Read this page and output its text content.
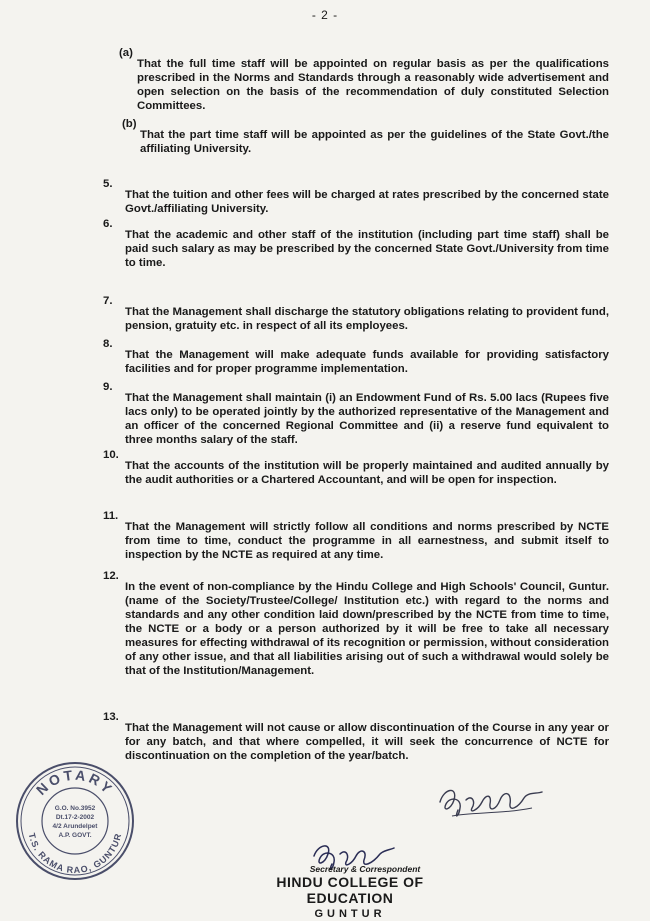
- 2 -
(a)

That the full time staff will be appointed on regular basis as per the qualifications prescribed in the Norms and Standards through a reasonably wide advertisement and open selection on the basis of the recommendation of duly constituted Selection Committees.

(b)

That the part time staff will be appointed as per the guidelines of the State Govt./the affiliating University.

5.

That the tuition and other fees will be charged at rates prescribed by the concerned state Govt./affiliating University.

6.

That the academic and other staff of the institution (including part time staff) shall be paid such salary as may be prescribed by the concerned State Govt./University from time to time.

7.

That the Management shall discharge the statutory obligations relating to provident fund, pension, gratuity etc. in respect of all its employees.

8.

That the Management will make adequate funds available for providing satisfactory facilities and for proper programme implementation.

9.

That the Management shall maintain (i) an Endowment Fund of Rs. 5.00 lacs (Rupees five lacs only) to be operated jointly by the authorized representative of the Management and an officer of the concerned Regional Committee and (ii) a reserve fund equivalent to three months salary of the staff.

10.

That the accounts of the institution will be properly maintained and audited annually by the audit authorities or a Chartered Accountant, and will be open for inspection.

11.

That the Management will strictly follow all conditions and norms prescribed by NCTE from time to time, conduct the programme in all earnestness, and submit itself to inspection by the NCTE as required at any time.

12.

In the event of non-compliance by the Hindu College and High Schools' Council, Guntur.(name of the Society/Trustee/College/ Institution etc.) with regard to the norms and standards and any other condition laid down/prescribed by the NCTE from time to time, the NCTE or a body or a person authorized by it will be free to take all necessary measures for effecting withdrawal of its recognition or permission, without consideration of any other issue, and that all liabilities arising out of such a withdrawal would solely be that of the Institution/Management.

13.

That the Management will not cause or allow discontinuation of the Course in any year or for any batch, and that where compelled, it will seek the concurrence of NCTE for discontinuation on the completion of the year/batch.

NOTARY
T.S. RAMA RAO, GUNTUR
G.O. No.3952
Dt.17-2-2002
4/2 Arundelpet
A.P. GOVT.
Secretary & Correspondent
HINDU COLLEGE OF EDUCATION
GUNTUR
